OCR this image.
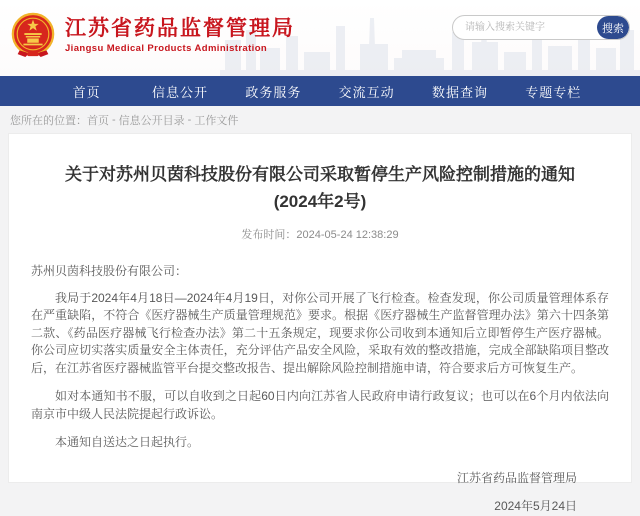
江苏省药品监督管理局
Jiangsu Medical Products Administration
请输入搜索关键字
搜索
首页	信息公开	政务服务	交流互动	数据查询	专题专栏
您所在的位置： 首页 - 信息公开目录 - 工作文件
关于对苏州贝茵科技股份有限公司采取暂停生产风险控制措施的通知
(2024年2号)
发布时间：2024-05-24 12:38:29
苏州贝茵科技股份有限公司：
我局于2024年4月18日—2024年4月19日，对你公司开展了飞行检查。检查发现，你公司质量管理体系存在严重缺陷，不符合《医疗器械生产质量管理规范》要求。根据《医疗器械生产监督管理办法》第六十四条第二款、《药品医疗器械飞行检查办法》第二十五条规定，现要求你公司收到本通知后立即暂停生产医疗器械。你公司应切实落实质量安全主体责任，充分评估产品安全风险，采取有效的整改措施，完成全部缺陷项目整改后，在江苏省医疗器械监管平台提交整改报告、提出解除风险控制措施申请，符合要求后方可恢复生产。
如对本通知书不服，可以自收到之日起60日内向江苏省人民政府申请行政复议；也可以在6个月内依法向南京市中级人民法院提起行政诉讼。
本通知自送达之日起执行。
江苏省药品监督管理局
2024年5月24日
